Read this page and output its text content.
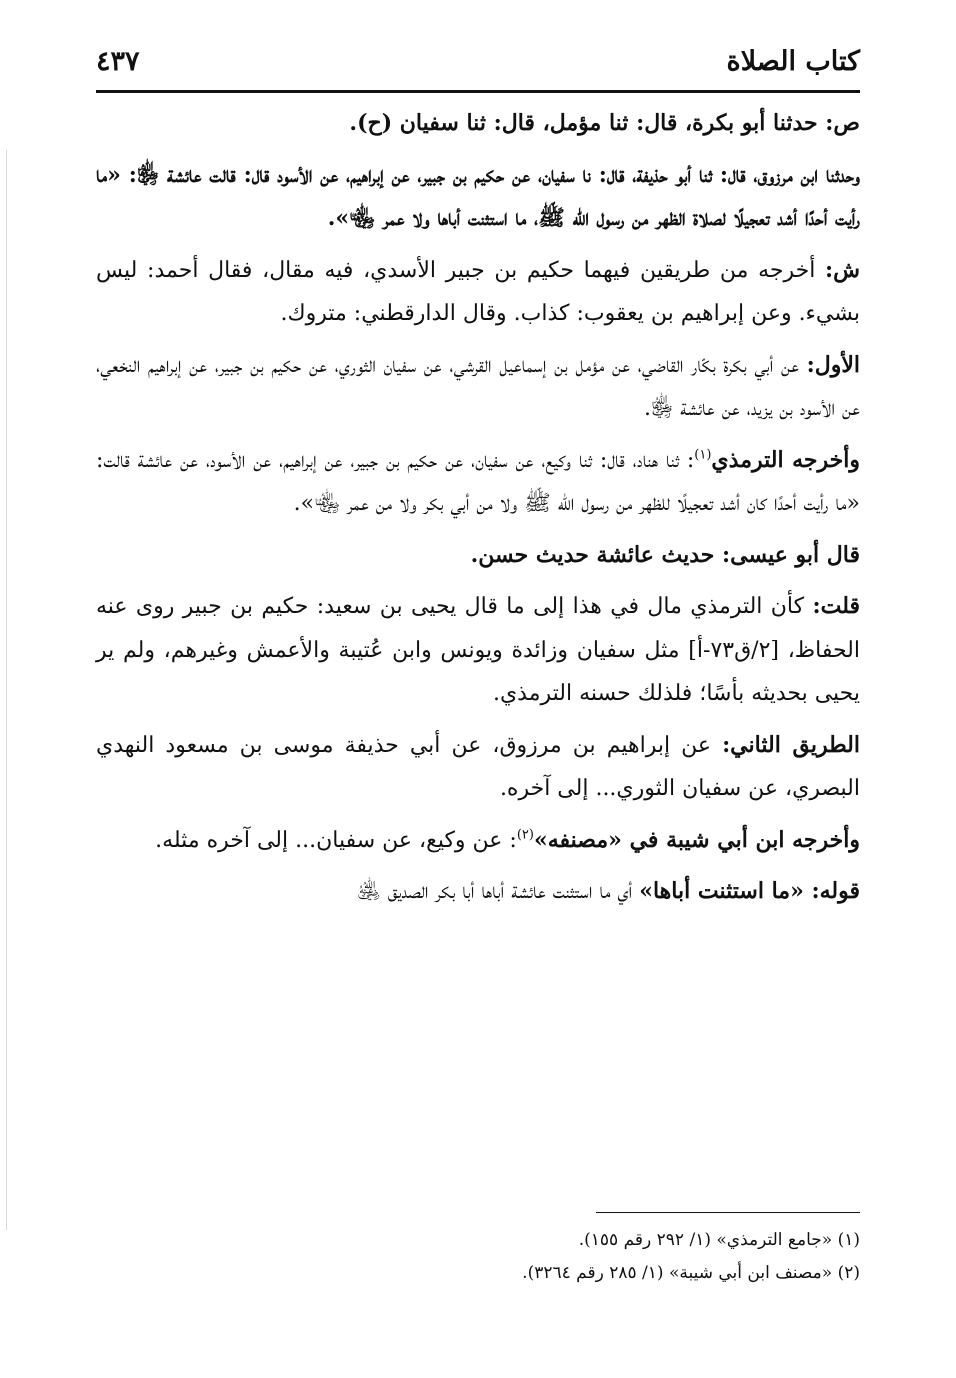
كتاب الصلاة
٤٣٧

ص: حدثنا أبو بكرة، قال: ثنا مؤمل، قال: ثنا سفيان (ح).

وحدثنا ابن مرزوق، قال: ثنا أبو حذيفة، قال: نا سفيان، عن حكيم بن جبير، عن إبراهيم، عن الأسود قال: قالت عائشة ﵂: «ما رأيت أحدًا أشد تعجيلًا لصلاة الظهر من رسول الله ﷺ، ما استثنت أباها ولا عمر ﵄».

ش: أخرجه من طريقين فيهما حكيم بن جبير الأسدي، فيه مقال، فقال أحمد: ليس بشيء. وعن إبراهيم بن يعقوب: كذاب. وقال الدارقطني: متروك.

الأول: عن أبي بكرة بكّار القاضي، عن مؤمل بن إسماعيل القرشي، عن سفيان الثوري، عن حكيم بن جبير، عن إبراهيم النخعي، عن الأسود بن يزيد، عن عائشة ﵂.

وأخرجه الترمذي$^{(١)}$: ثنا هناد، قال: ثنا وكيع، عن سفيان، عن حكيم بن جبير، عن إبراهيم، عن الأسود، عن عائشة قالت: «ما رأيت أحدًا كان أشد تعجيلًا للظهر من رسول الله ﷺ ولا من أبي بكر ولا من عمر ﵄».

قال أبو عيسى: حديث عائشة حديث حسن.

قلت: كأن الترمذي مال في هذا إلى ما قال يحيى بن سعيد: حكيم بن جبير روى عنه الحفاظ، [٢/ق٧٣-أ] مثل سفيان وزائدة ويونس وابن عُتيبة والأعمش وغيرهم، ولم ير يحيى بحديثه بأسًا؛ فلذلك حسنه الترمذي.

الطريق الثاني: عن إبراهيم بن مرزوق، عن أبي حذيفة موسى بن مسعود النهدي البصري، عن سفيان الثوري... إلى آخره.

وأخرجه ابن أبي شيبة في «مصنفه»$^{(٢)}$: عن وكيع، عن سفيان... إلى آخره مثله.

قوله: «ما استثنت أباها» أي ما استثنت عائشة أباها أبا بكر الصديق ﵁

(١) «جامع الترمذي» (١/ ٢٩٢ رقم ١٥٥).

(٢) «مصنف ابن أبي شيبة» (١/ ٢٨٥ رقم ٣٢٦٤).
